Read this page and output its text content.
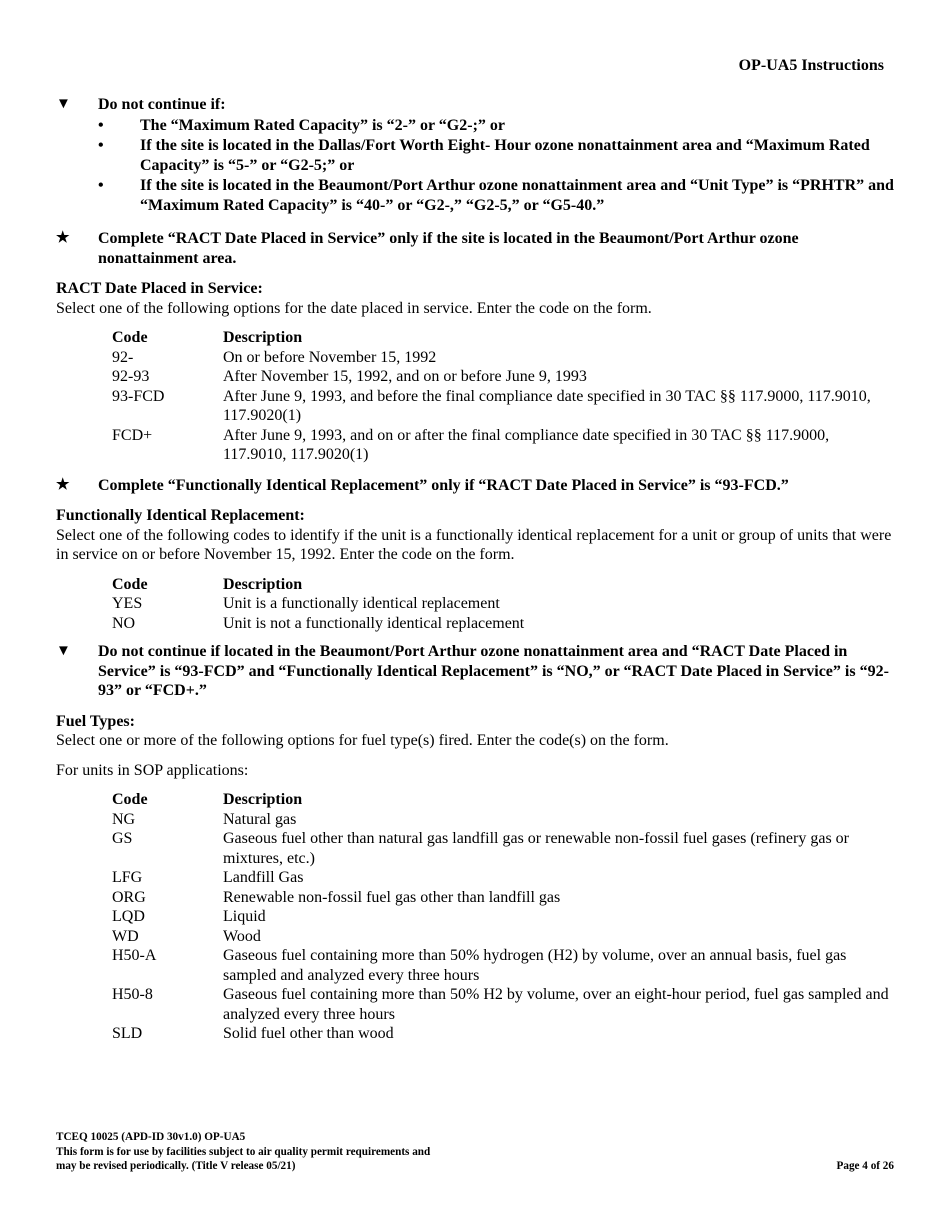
OP-UA5 Instructions
▼	Do not continue if:
• The “Maximum Rated Capacity” is “2-” or “G2-;” or
• If the site is located in the Dallas/Fort Worth Eight- Hour ozone nonattainment area and “Maximum Rated Capacity” is “5-” or “G2-5;” or
• If the site is located in the Beaumont/Port Arthur ozone nonattainment area and “Unit Type” is “PRHTR” and “Maximum Rated Capacity” is “40-” or “G2-,” “G2-5,” or “G5-40.”
★	Complete “RACT Date Placed in Service” only if the site is located in the Beaumont/Port Arthur ozone nonattainment area.
RACT Date Placed in Service:

Select one of the following options for the date placed in service. Enter the code on the form.

Code	Description
92-	On or before November 15, 1992
92-93	After November 15, 1992, and on or before June 9, 1993
93-FCD	After June 9, 1993, and before the final compliance date specified in 30 TAC §§ 117.9000, 117.9010, 117.9020(1)
FCD+	After June 9, 1993, and on or after the final compliance date specified in 30 TAC §§ 117.9000, 117.9010, 117.9020(1)
★	Complete “Functionally Identical Replacement” only if “RACT Date Placed in Service” is “93-FCD.”
Functionally Identical Replacement:

Select one of the following codes to identify if the unit is a functionally identical replacement for a unit or group of units that were in service on or before November 15, 1992. Enter the code on the form.

Code	Description
YES	Unit is a functionally identical replacement
NO	Unit is not a functionally identical replacement
▼	Do not continue if located in the Beaumont/Port Arthur ozone nonattainment area and “RACT Date Placed in Service” is “93-FCD” and “Functionally Identical Replacement” is “NO,” or “RACT Date Placed in Service” is “92-93” or “FCD+.”
Fuel Types:

Select one or more of the following options for fuel type(s) fired. Enter the code(s) on the form.

For units in SOP applications:

Code	Description
NG	Natural gas
GS	Gaseous fuel other than natural gas landfill gas or renewable non-fossil fuel gases (refinery gas or mixtures, etc.)
LFG	Landfill Gas
ORG	Renewable non-fossil fuel gas other than landfill gas
LQD	Liquid
WD	Wood
H50-A	Gaseous fuel containing more than 50% hydrogen (H2) by volume, over an annual basis, fuel gas sampled and analyzed every three hours
H50-8	Gaseous fuel containing more than 50% H2 by volume, over an eight-hour period, fuel gas sampled and analyzed every three hours
SLD	Solid fuel other than wood
TCEQ 10025 (APD-ID 30v1.0) OP-UA5
This form is for use by facilities subject to air quality permit requirements and
may be revised periodically. (Title V release 05/21)	Page 4 of 26
